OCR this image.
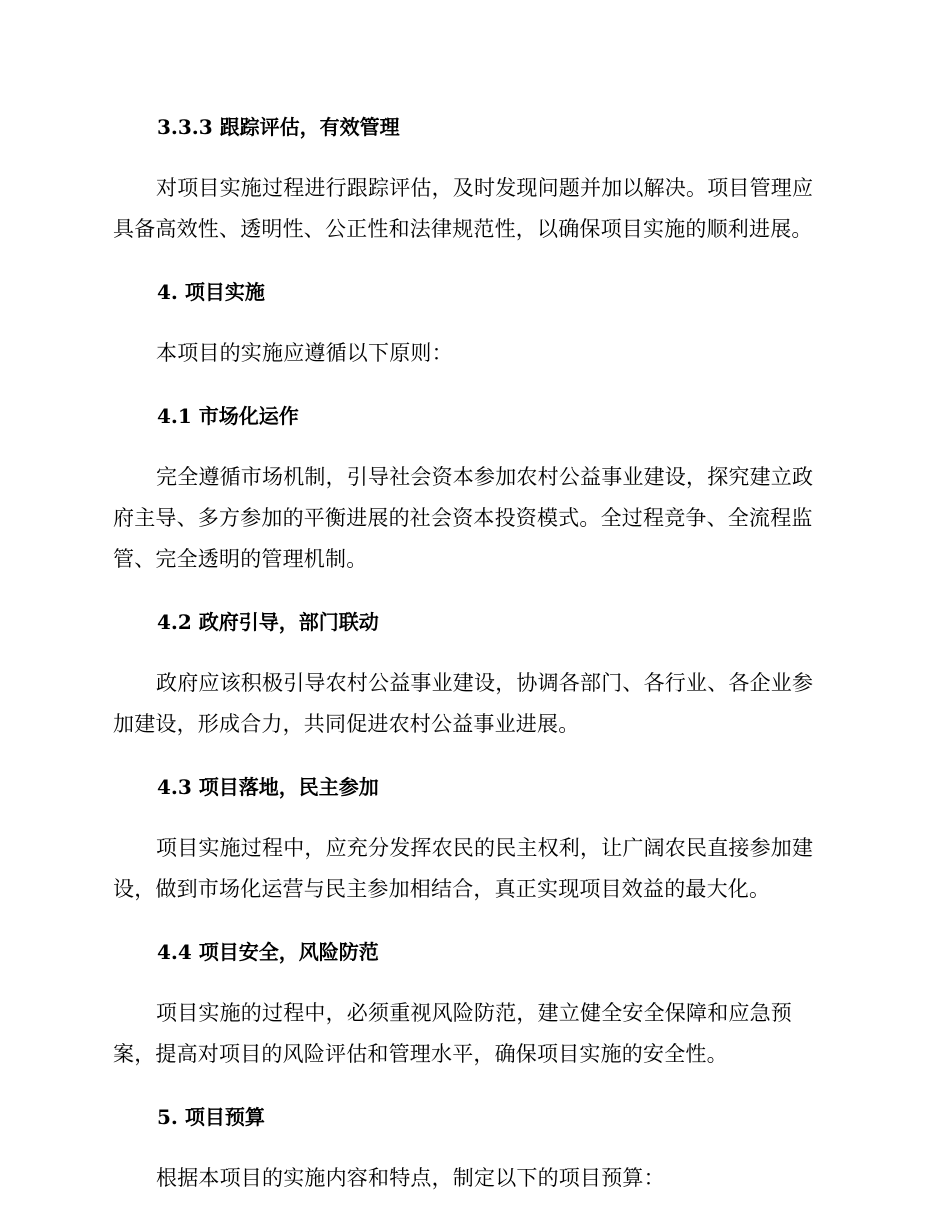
3.3.3 跟踪评估，有效管理

对项目实施过程进行跟踪评估，及时发现问题并加以解决。项目管理应
具备高效性、透明性、公正性和法律规范性，以确保项目实施的顺利进展。

4. 项目实施

本项目的实施应遵循以下原则：

4.1 市场化运作

完全遵循市场机制，引导社会资本参加农村公益事业建设，探究建立政
府主导、多方参加的平衡进展的社会资本投资模式。全过程竞争、全流程监
管、完全透明的管理机制。

4.2 政府引导，部门联动

政府应该积极引导农村公益事业建设，协调各部门、各行业、各企业参
加建设，形成合力，共同促进农村公益事业进展。

4.3 项目落地，民主参加

项目实施过程中，应充分发挥农民的民主权利，让广阔农民直接参加建
设，做到市场化运营与民主参加相结合，真正实现项目效益的最大化。

4.4 项目安全，风险防范

项目实施的过程中，必须重视风险防范，建立健全安全保障和应急预
案，提高对项目的风险评估和管理水平，确保项目实施的安全性。

5. 项目预算

根据本项目的实施内容和特点，制定以下的项目预算：
